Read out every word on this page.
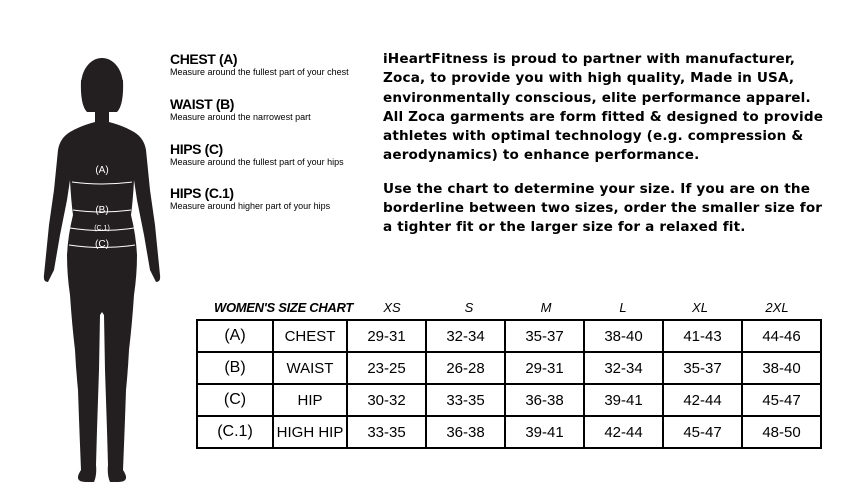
(A)
(B)
(C.1)
(C)
CHEST (A)
Measure around the fullest part of your chest
WAIST (B)
Measure around the narrowest part
HIPS (C)
Measure around the fullest part of your hips
HIPS (C.1)
Measure around higher part of your hips

iHeartFitness is proud to partner with manufacturer, Zoca, to provide you with high quality, Made in USA, environmentally conscious, elite performance apparel. All Zoca garments are form fitted & designed to provide athletes with optimal technology (e.g. compression & aerodynamics) to enhance performance.

Use the chart to determine your size. If you are on the borderline between two sizes, order the smaller size for a tighter fit or the larger size for a relaxed fit.

WOMEN'S SIZE CHART	XS	S	M	L	XL	2XL
(A)	CHEST	29-31	32-34	35-37	38-40	41-43	44-46
(B)	WAIST	23-25	26-28	29-31	32-34	35-37	38-40
(C)	HIP	30-32	33-35	36-38	39-41	42-44	45-47
(C.1)	HIGH HIP	33-35	36-38	39-41	42-44	45-47	48-50
